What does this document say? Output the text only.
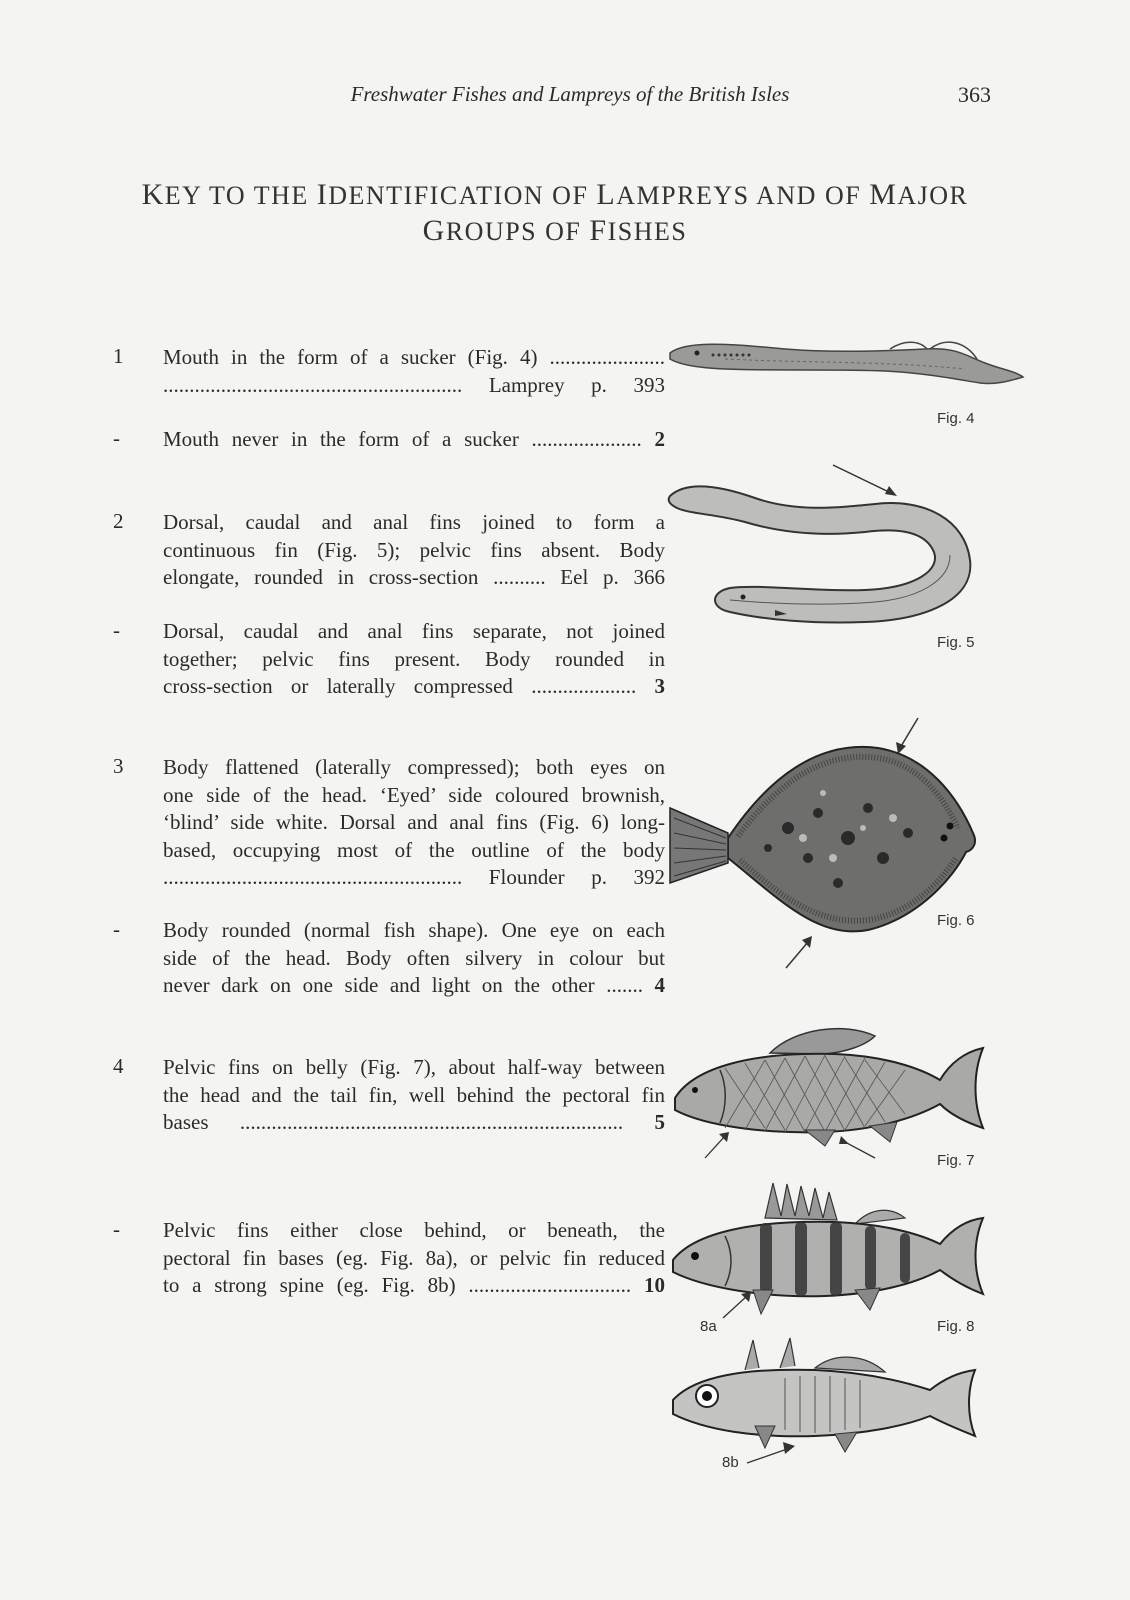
Freshwater Fishes and Lampreys of the British Isles	363
KEY TO THE IDENTIFICATION OF LAMPREYS AND OF MAJOR
GROUPS OF FISHES
1	Mouth in the form of a sucker (Fig. 4) ......................
......................................................... Lamprey p. 393
-	Mouth never in the form of a sucker ..................... 2
2	Dorsal, caudal and anal fins joined to form a
continuous fin (Fig. 5); pelvic fins absent. Body
elongate, rounded in cross-section .......... Eel p. 366
-	Dorsal, caudal and anal fins separate, not joined
together; pelvic fins present. Body rounded in
cross-section or laterally compressed .................... 3
3	Body flattened (laterally compressed); both eyes on
one side of the head. ‘Eyed’ side coloured brownish,
‘blind’ side white. Dorsal and anal fins (Fig. 6) long-
based, occupying most of the outline of the body
......................................................... Flounder p. 392
-	Body rounded (normal fish shape). One eye on each
side of the head. Body often silvery in colour but
never dark on one side and light on the other ....... 4
4	Pelvic fins on belly (Fig. 7), about half-way between
the head and the tail fin, well behind the pectoral fin
bases ......................................................................... 5
-	Pelvic fins either close behind, or beneath, the
pectoral fin bases (eg. Fig. 8a), or pelvic fin reduced
to a strong spine (eg. Fig. 8b) ............................... 10
Fig. 4
Fig. 5
Fig. 6
Fig. 7
8a	Fig. 8
8b
